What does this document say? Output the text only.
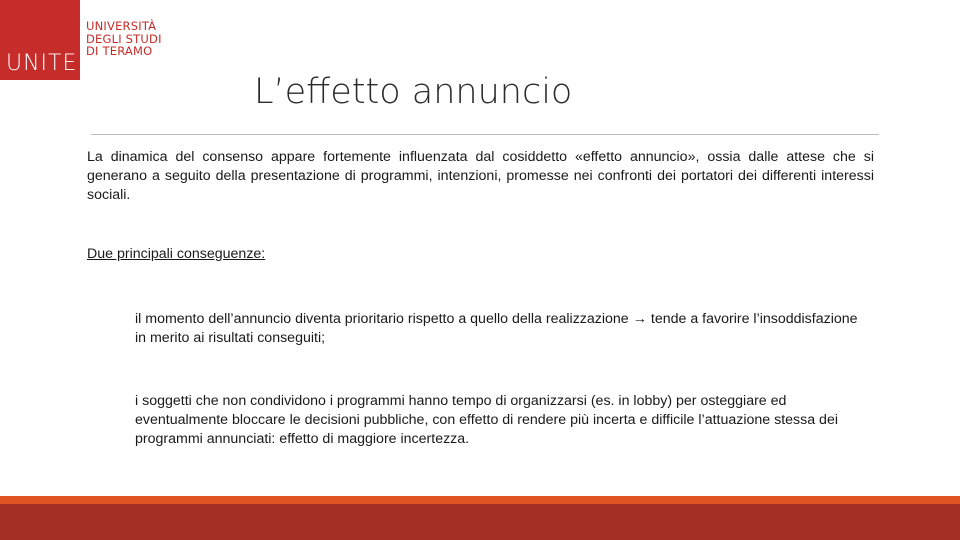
UNITE
UNIVERSITÀ
DEGLI STUDI
DI TERAMO
L’effetto annuncio
La dinamica del consenso appare fortemente influenzata dal cosiddetto «effetto annuncio», ossia dalle attese che si generano a seguito della presentazione di programmi, intenzioni, promesse nei confronti dei portatori dei differenti interessi sociali.
Due principali conseguenze:
il momento dell’annuncio diventa prioritario rispetto a quello della realizzazione → tende a favorire l’insoddisfazione in merito ai risultati conseguiti;
i soggetti che non condividono i programmi hanno tempo di organizzarsi (es. in lobby) per osteggiare ed eventualmente bloccare le decisioni pubbliche, con effetto di rendere più incerta e difficile l’attuazione stessa dei programmi annunciati: effetto di maggiore incertezza.
